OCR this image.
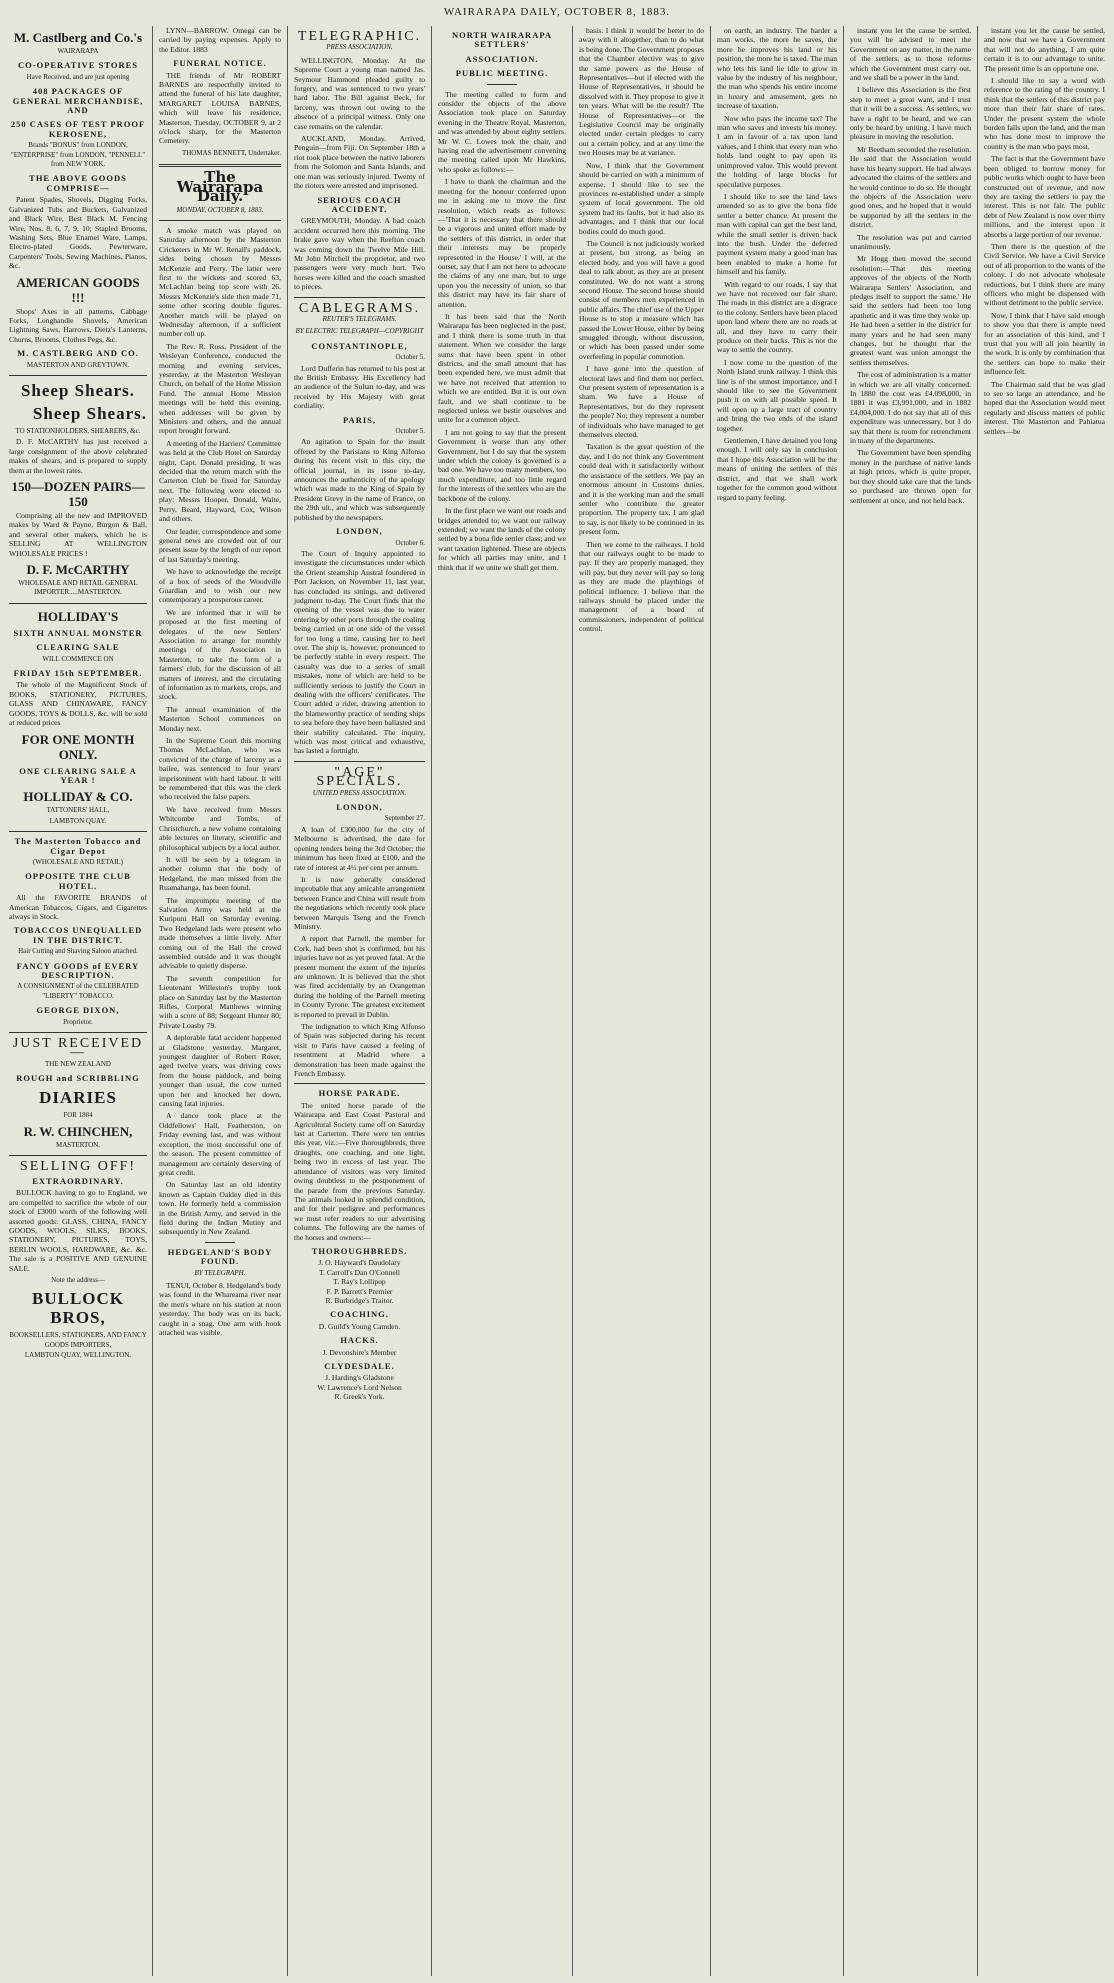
WAIRARAPA DAILY, OCTOBER 8, 1883.
M. Castlberg and Co.'s
WAIRARAPA
CO-OPERATIVE STORES
Have Received, and are just opening
408 PACKAGES OF GENERAL MERCHANDISE, AND
250 CASES OF TEST PROOF KEROSENE,
Brands "BONUS" from LONDON, "ENTERPRISE" from LONDON, "PENNELL" from NEW YORK.
THE ABOVE GOODS COMPRISE—

Patent Spades, Shovels, Digging Forks, Galvanized Tubs and Buckets, Galvanized and Black Wire, Best Black M. Fencing Wire, Nos. 8, 6, 7, 9, 10; Stapled Brooms, Washing Sets, Blue Enamel Ware, Lamps, Electro-plated Goods, Pewterware, Carpenters' Tools, Sewing Machines, Pianos, &c.

AMERICAN GOODS !!!

Shops' Axes in all patterns, Cabbage Forks, Longhandle Shovels, American Lightning Saws, Harrows, Dietz's Lanterns, Churns, Brooms, Clothes Pegs, &c.

M. CASTLBERG AND CO.
MASTERTON AND GREYTOWN.
Sheep Shears.
Sheep Shears.
TO STATIONHOLDERS, SHEARERS, &c.

D. F. McCARTHY has just received a large consignment of the above celebrated makes of shears, and is prepared to supply them at the lowest rates.

150—DOZEN PAIRS—150

Comprising all the new and IMPROVED makes by Ward & Payne, Burgon & Ball, and several other makers, which he is SELLING AT WELLINGTON WHOLESALE PRICES !

D. F. McCARTHY
WHOLESALE AND RETAIL GENERAL IMPORTER.....MASTERTON.
HOLLIDAY'S
SIXTH ANNUAL MONSTER
CLEARING SALE
WILL COMMENCE ON
FRIDAY 15th SEPTEMBER.

The whole of the Magnificent Stock of BOOKS, STATIONERY, PICTURES, GLASS AND CHINAWARE, FANCY GOODS, TOYS & DOLLS, &c. will be sold at reduced prices

FOR ONE MONTH ONLY.
ONE CLEARING SALE A YEAR !
HOLLIDAY & CO.
TATTONERS' HALL,
LAMBTON QUAY.
The Masterton Tobacco and Cigar Depot
(WHOLESALE AND RETAIL)
OPPOSITE THE CLUB HOTEL.

All the FAVORITE BRANDS of American Tobaccos, Cigars, and Cigarettes always in Stock.

TOBACCOS UNEQUALLED IN THE DISTRICT.
Hair Cutting and Shaving Saloon attached.
FANCY GOODS of EVERY DESCRIPTION.
A CONSIGNMENT of the CELEBRATED "LIBERTY" TOBACCO.
GEORGE DIXON,
Proprietor.
JUST RECEIVED—
THE NEW ZEALAND
ROUGH and SCRIBBLING
DIARIES
FOR 1884
R. W. CHINCHEN,
MASTERTON.
SELLING OFF!
EXTRAORDINARY.

BULLOCK having to go to England, we are compelled to sacrifice the whole of our stock of £3000 worth of the following well assorted goods: GLASS, CHINA, FANCY GOODS, WOOLS, SILKS, BOOKS, STATIONERY, PICTURES, TOYS, BERLIN WOOLS, HARDWARE, &c. &c. The sale is a POSITIVE AND GENUINE SALE.

Note the address—
BULLOCK BROS,
BOOKSELLERS, STATIONERS, AND FANCY GOODS IMPORTERS,
LAMBTON QUAY, WELLINGTON.

LYNN—BARROW. Omega can be carried by paying expenses. Apply to the Editor. 1883

FUNERAL NOTICE.

THE friends of Mr ROBERT BARNES are respectfully invited to attend the funeral of his late daughter, MARGARET LOUISA BARNES, which will leave his residence, Masterton, Tuesday, OCTOBER 9, at 2 o'clock sharp, for the Masterton Cemetery.

THOMAS BENNETT, Undertaker.
The Wairarapa Daily.
MONDAY, OCTOBER 8, 1883.

A smoke match was played on Saturday afternoon by the Masterton Cricketers in Mr W. Renall's paddock, sides being chosen by Messrs McKenzie and Perry. The latter were first to the wickets and scored 63, McLachlan being top score with 26. Messrs McKenzie's side then made 71, some other scoring double figures. Another match will be played on Wednesday afternoon, if a sufficient number roll up.

The Rev. R. Ross, President of the Wesleyan Conference, conducted the morning and evening services, yesterday, at the Masterton Wesleyan Church, on behalf of the Home Mission Fund. The annual Home Mission meetings will be held this evening, when addresses will be given by Ministers and others, and the annual report brought forward.

A meeting of the Harriers' Committee was held at the Club Hotel on Saturday night, Capt. Donald presiding. It was decided that the return match with the Carterton Club be fixed for Saturday next. The following were elected to play: Messrs Hooper, Donald, Waite, Perry, Beard, Hayward, Cox, Wilson and others.

Our leader, correspondence and some general news are crowded out of our present issue by the length of our report of last Saturday's meeting.

We have to acknowledge the receipt of a box of seeds of the Woodville Guardian and to wish our new contemporary a prosperous career.

We are informed that it will be proposed at the first meeting of delegates of the new Settlers' Association to arrange for monthly meetings of the Association in Masterton, to take the form of a farmers' club, for the discussion of all matters of interest, and the circulating of information as to markets, crops, and stock.

The annual examination of the Masterton School commences on Monday next.

In the Supreme Court this morning Thomas McLachlan, who was convicted of the charge of larceny as a bailee, was sentenced to four years' imprisonment with hard labour. It will be remembered that this was the clerk who received the false papers.

We have received from Messrs Whitcombe and Tombs, of Christchurch, a new volume containing able lectures on literary, scientific and philosophical subjects by a local author.

It will be seen by a telegram in another column that the body of Hedgeland, the man missed from the Ruamahanga, has been found.

The impromptu meeting of the Salvation Army was held at the Kuripuni Hall on Saturday evening. Two Hedgeland lads were present who made themselves a little lively. After coming out of the Hall the crowd assembled outside and it was thought advisable to quietly disperse.

The seventh competition for Lieutenant Willeston's trophy took place on Saturday last by the Masterton Rifles, Corporal Matthews winning with a score of 88; Sergeant Hunter 80; Private Loasby 79.

A deplorable fatal accident happened at Gladstone yesterday. Margaret, youngest daughter of Robert Roser, aged twelve years, was driving cows from the house paddock, and being younger than usual, the cow turned upon her and knocked her down, causing fatal injuries.

A dance took place at the Oddfellows' Hall, Featherston, on Friday evening last, and was without exception, the most successful one of the season. The present committee of management are certainly deserving of great credit.

On Saturday last an old identity known as Captain Oakley died in this town. He formerly held a commission in the British Army, and served in the field during the Indian Mutiny and subsequently in New Zealand.

HEDGELAND'S BODY FOUND.
BY TELEGRAPH.

TENUI, October 8. Hedgeland's body was found in the Whareama river near the men's whare on his station at noon yesterday. The body was on its back, caught in a snag. One arm with hook attached was visible.

TELEGRAPHIC.
PRESS ASSOCIATION.

WELLINGTON, Monday. At the Supreme Court a young man named Jas. Seymour Hammond pleaded guilty to forgery, and was sentenced to two years' hard labor. The Bill against Beck, for larceny, was thrown out owing to the absence of a principal witness. Only one case remains on the calendar.

AUCKLAND, Monday. Arrived, Penguin—from Fiji. On September 18th a riot took place between the native laborers from the Solomon and Santa Islands, and one man was seriously injured. Twenty of the rioters were arrested and imprisoned.

SERIOUS COACH ACCIDENT.

GREYMOUTH, Monday. A bad coach accident occurred here this morning. The brake gave way when the Reefton coach was coming down the Twelve Mile Hill. Mr John Mitchell the proprietor, and two passengers were very much hurt. Two horses were killed and the coach smashed to pieces.

CABLEGRAMS.
REUTER'S TELEGRAMS.
BY ELECTRIC TELEGRAPH—COPYRIGHT
CONSTANTINOPLE,
October 5.

Lord Dufferin has returned to his post at the British Embassy. His Excellency had an audience of the Sultan to-day, and was received by His Majesty with great cordiality.

PARIS,
October 5.

An agitation to Spain for the insult offered by the Parisians to King Alfonso during his recent visit to this city, the official journal, in its issue to-day, announces the authenticity of the apology which was made to the King of Spain by President Grevy in the name of France, on the 29th ult., and which was subsequently published by the newspapers.

LONDON,
October 6.

The Court of Inquiry appointed to investigate the circumstances under which the Orient steamship Austral foundered in Port Jackson, on November 11, last year, has concluded its sittings, and delivered judgment to-day. The Court finds that the opening of the vessel was due to water entering by other ports through the coaling being carried on at one side of the vessel for too long a time, causing her to heel over. The ship is, however, pronounced to be perfectly stable in every respect. The casualty was due to a series of small mistakes, none of which are held to be sufficiently serious to justify the Court in dealing with the officers' certificates. The Court added a rider, drawing attention to the blameworthy practice of sending ships to sea before they have been ballasted and their stability calculated. The inquiry, which was most critical and exhaustive, has lasted a fortnight.

"AGE" SPECIALS.
UNITED PRESS ASSOCIATION.
LONDON,
September 27.

A loan of £300,000 for the city of Melbourne is advertised, the date for opening tenders being the 3rd October; the minimum has been fixed at £100, and the rate of interest at 4½ per cent per annum.

It is now generally considered improbable that any amicable arrangement between France and China will result from the negotiations which recently took place between Marquis Tseng and the French Ministry.

A report that Parnell, the member for Cork, had been shot is confirmed, but his injuries have not as yet proved fatal. At the present moment the extent of the injuries are unknown. It is believed that the shot was fired accidentally by an Orangeman during the holding of the Parnell meeting in County Tyrone. The greatest excitement is reported to prevail in Dublin.

The indignation to which King Alfonso of Spain was subjected during his recent visit to Paris have caused a feeling of resentment at Madrid where a demonstration has been made against the French Embassy.

HORSE PARADE.

The united horse parade of the Wairarapa and East Coast Pastoral and Agricultural Society came off on Saturday last at Carterton. There were ten entries this year, viz.:—Five thoroughbreds, three draughts, one coaching, and one light, being two in excess of last year. The attendance of visitors was very limited owing doubtless to the postponement of the parade from the previous Saturday. The animals looked in splendid condition, and for their pedigree and performances we must refer readers to our advertising columns. The following are the names of the horses and owners:—

THOROUGHBREDS.
J. O. Hayward's Daudolary
T. Carroll's Dan O'Connell
T. Ray's Lollipop
F. P. Barrett's Premier
R. Burbridge's Traitor.
COACHING.
D. Guild's Young Camden.
HACKS.
J. Devonshire's Member
CLYDESDALE.
J. Harding's Gladstone
W. Lawrence's Lord Nelson
R. Greek's York.
NORTH WAIRARAPA SETTLERS'
ASSOCIATION.
PUBLIC MEETING.

The meeting called to form and consider the objects of the above Association took place on Saturday evening in the Theatre Royal, Masterton, and was attended by about eighty settlers. Mr W. C. Lowes took the chair, and having read the advertisement convening the meeting called upon Mr Hawkins, who spoke as follows:—

I have to thank the chairman and the meeting for the honour conferred upon me in asking me to move the first resolution, which reads as follows:—'That it is necessary that there should be a vigorous and united effort made by the settlers of this district, in order that their interests may be properly represented in the House.' I will, at the outset, say that I am not here to advocate the claims of any one man, but to urge upon you the necessity of union, so that this district may have its fair share of attention.

It has been said that the North Wairarapa has been neglected in the past, and I think there is some truth in that statement. When we consider the large sums that have been spent in other districts, and the small amount that has been expended here, we must admit that we have not received that attention to which we are entitled. But it is our own fault, and we shall continue to be neglected unless we bestir ourselves and unite for a common object.

I am not going to say that the present Government is worse than any other Government, but I do say that the system under which the colony is governed is a bad one. We have too many members, too much expenditure, and too little regard for the interests of the settlers who are the backbone of the colony.

In the first place we want our roads and bridges attended to; we want our railway extended; we want the lands of the colony settled by a bona fide settler class; and we want taxation lightened. These are objects for which all parties may unite, and I think that if we unite we shall get them.

basis. I think it would be better to do away with it altogether, than to do what is being done. The Government proposes that the Chamber elective was to give the same powers as the House of Representatives—but if elected with the House of Representatives, it should be dissolved with it. They propose to give it ten years. What will be the result? The House of Representatives—or the Legislative Council may be originally elected under certain pledges to carry out a certain policy, and at any time the two Houses may be at variance.

Now, I think that the Government should be carried on with a minimum of expense. I should like to see the provinces re-established under a simple system of local government. The old system had its faults, but it had also its advantages, and I think that our local bodies could do much good.

The Council is not judiciously worked at present, but strong, as being an elected body, and you will have a good deal to talk about, as they are at present constituted. We do not want a strong second House. The second house should consist of members men experienced in public affairs. The chief use of the Upper House is to stop a measure which has passed the Lower House, either by being smuggled through, without discussion, or which has been passed under some overfeeling in popular commotion.

I have gone into the question of electoral laws and find them not perfect. Our present system of representation is a sham. We have a House of Representatives, but do they represent the people? No; they represent a number of individuals who have managed to get themselves elected.

Taxation is the great question of the day, and I do not think any Government could deal with it satisfactorily without the assistance of the settlers. We pay an enormous amount in Customs duties, and it is the working man and the small settler who contribute the greater proportion. The property tax, I am glad to say, is not likely to be continued in its present form.

Then we come to the railways. I hold that our railways ought to be made to pay. If they are properly managed, they will pay, but they never will pay so long as they are made the playthings of political influence. I believe that the railways should be placed under the management of a board of commissioners, independent of political control.

on earth, an industry. The harder a man works, the more he saves, the more he improves his land or his position, the more he is taxed. The man who lets his land lie idle to grow in value by the industry of his neighbour, the man who spends his entire income in luxury and amusement, gets no increase of taxation.

Now who pays the income tax? The man who saves and invests his money. I am in favour of a tax upon land values, and I think that every man who holds land ought to pay upon its unimproved value. This would prevent the holding of large blocks for speculative purposes.

I should like to see the land laws amended so as to give the bona fide settler a better chance. At present the man with capital can get the best land, while the small settler is driven back into the bush. Under the deferred payment system many a good man has been enabled to make a home for himself and his family.

With regard to our roads, I say that we have not received our fair share. The roads in this district are a disgrace to the colony. Settlers have been placed upon land where there are no roads at all, and they have to carry their produce on their backs. This is not the way to settle the country.

I now come to the question of the North Island trunk railway. I think this line is of the utmost importance, and I should like to see the Government push it on with all possible speed. It will open up a large tract of country and bring the two ends of the island together.

Gentlemen, I have detained you long enough. I will only say in conclusion that I hope this Association will be the means of uniting the settlers of this district, and that we shall work together for the common good without regard to party feeling.

instant you let the cause be settled, you will be advised to meet the Government on any matter, in the name of the settlers, as to those reforms which the Government must carry out, and we shall be a power in the land.

I believe this Association is the first step to meet a great want, and I trust that it will be a success. As settlers, we have a right to be heard, and we can only be heard by uniting. I have much pleasure in moving the resolution.

Mr Beetham seconded the resolution. He said that the Association would have his hearty support. He had always advocated the claims of the settlers and he would continue to do so. He thought the objects of the Association were good ones, and he hoped that it would be supported by all the settlers in the district.

The resolution was put and carried unanimously.

Mr Hogg then moved the second resolution:—'That this meeting approves of the objects of the North Wairarapa Settlers' Association, and pledges itself to support the same.' He said the settlers had been too long apathetic and it was time they woke up. He had been a settler in the district for many years and he had seen many changes, but he thought that the greatest want was union amongst the settlers themselves.

The cost of administration is a matter in which we are all vitally concerned. In 1880 the cost was £4,098,000, in 1881 it was £3,991,000, and in 1882 £4,004,000. I do not say that all of this expenditure was unnecessary, but I do say that there is room for retrenchment in many of the departments.

The Government have been spending money in the purchase of native lands at high prices, which is quite proper, but they should take care that the lands so purchased are thrown open for settlement at once, and not held back.

instant you let the cause be settled, and now that we have a Government that will not do anything, I am quite certain it is to our advantage to unite. The present time is an opportune one.

I should like to say a word with reference to the rating of the country. I think that the settlers of this district pay more than their fair share of rates. Under the present system the whole burden falls upon the land, and the man who has done most to improve the country is the man who pays most.

The fact is that the Government have been obliged to borrow money for public works which ought to have been constructed out of revenue, and now they are taxing the settlers to pay the interest. This is not fair. The public debt of New Zealand is now over thirty millions, and the interest upon it absorbs a large portion of our revenue.

Then there is the question of the Civil Service. We have a Civil Service out of all proportion to the wants of the colony. I do not advocate wholesale reductions, but I think there are many officers who might be dispensed with without detriment to the public service.

Now, I think that I have said enough to show you that there is ample need for an association of this kind, and I trust that you will all join heartily in the work. It is only by combination that the settlers can hope to make their influence felt.

The Chairman said that he was glad to see so large an attendance, and he hoped that the Association would meet regularly and discuss matters of public interest. The Masterton and Pahiatua settlers—be
